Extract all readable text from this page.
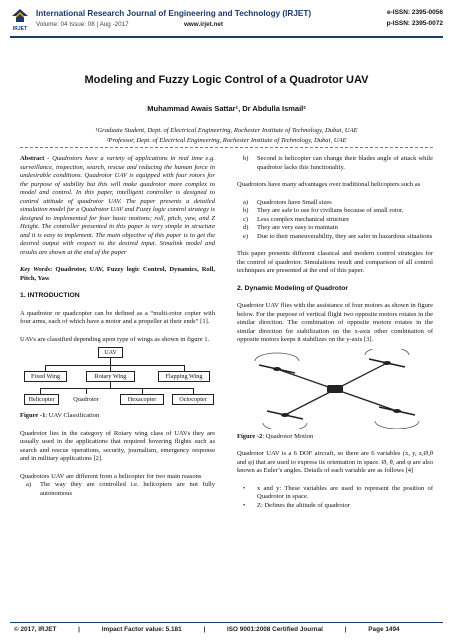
IRJET
International Research Journal of Engineering and Technology (IRJET)
Volume: 04 Issue: 08 | Aug -2017	www.irjet.net
e-ISSN: 2395-0056
p-ISSN: 2395-0072
Modeling and Fuzzy Logic Control of a Quadrotor UAV
Muhammad Awais Sattar¹, Dr Abdulla Ismail²
¹Graduate Student, Dept. of Electrical Engineering, Rochester Institute of Technology, Dubai, UAE
²Professor, Dept. of Electrical Engineering, Rochester Institute of Technology, Dubai, UAE

Abstract - Quadrotors have a variety of applications in real time e.g. surveillance, inspection, search, rescue and reducing the human force in undesirable conditions. Quadrotor UAV is equipped with four rotors for the purpose of stability but this will make quadrotor more complex to model and control. In this paper, intelligent controller is designed to control attitude of quadrotor UAV. The paper presents a detailed simulation model for a Quadrotor UAV and Fuzzy logic control strategy is designed to implemented for four basic motions; roll, pitch, yaw, and Z Height. The controller presented in this paper is very simple in structure and it is easy to implement. The main objective of this paper is to get the desired output with respect to the desired input. Simulink model and results are shown at the end of the paper

Key Words: Quadrotor, UAV, Fuzzy logic Control, Dynamics, Roll, Pitch, Yaw

1. INTRODUCTION

A quadrotor or quadcopter can be defined as a “multi-rotor copter with four arms, each of which have a motor and a propeller at their ends” [1].

UAVs are classified depending upon type of wings as shown in figure 1.

UAV
Fixed Wing	Rotary Wing	Flapping Wing
Helicopter	Quadrotor	Hexacopter	Octocopter

Figure -1: UAV Classification

Quadrotor lies in the category of Rotary wing class of UAVs they are usually used in the applications that required hovering flights such as search and rescue operations, security, journalism, emergency response and in military applications [2].

Quadrotors UAV are different from a helicopter for two main reasons

a) The way they are controlled i.e. helicopters are not fully autonomous
b) Second is helicopter can change their blades angle of attack while quadrotor lacks this functionality.

Quadrotors have many advantages over traditional helicopters such as

a) Quadrotors have Small sizes
b) They are safe to use for civilians because of small rotor.
c) Less complex mechanical structure
d) They are very easy to maintain
e) Due to their maneuverability, they are safer in hazardous situations

This paper presents different classical and modern control strategies for the control of quadrotor. Simulations result and comparison of all control techniques are presented at the end of this paper.

2. Dynamic Modeling of Quadrotor

Quadrotor UAV flies with the assistance of four motors as shown in figure below. For the purpose of vertical flight two opposite motors rotates in the similar direction. The combination of opposite motors rotates in the similar direction for stabilization on the x-axis other combination of opposite motors keeps it stabilizes on the y-axis [3].

Figure -2: Quadrotor Motion

Quadrotor UAV is a 6 DOF aircraft, so there are 6 variables (x, y, z,Ø,θ and φ) that are used to express its orientation in space. Ø, θ, and φ are also known as Euler’s angles. Details of each variable are as follows [4]

• x and y: These variables are used to represent the position of Quadrotor in space.
• Z: Defines the altitude of quadrotor
© 2017, IRJET	|	Impact Factor value: 5.181	|	ISO 9001:2008 Certified Journal	|	Page 1494
